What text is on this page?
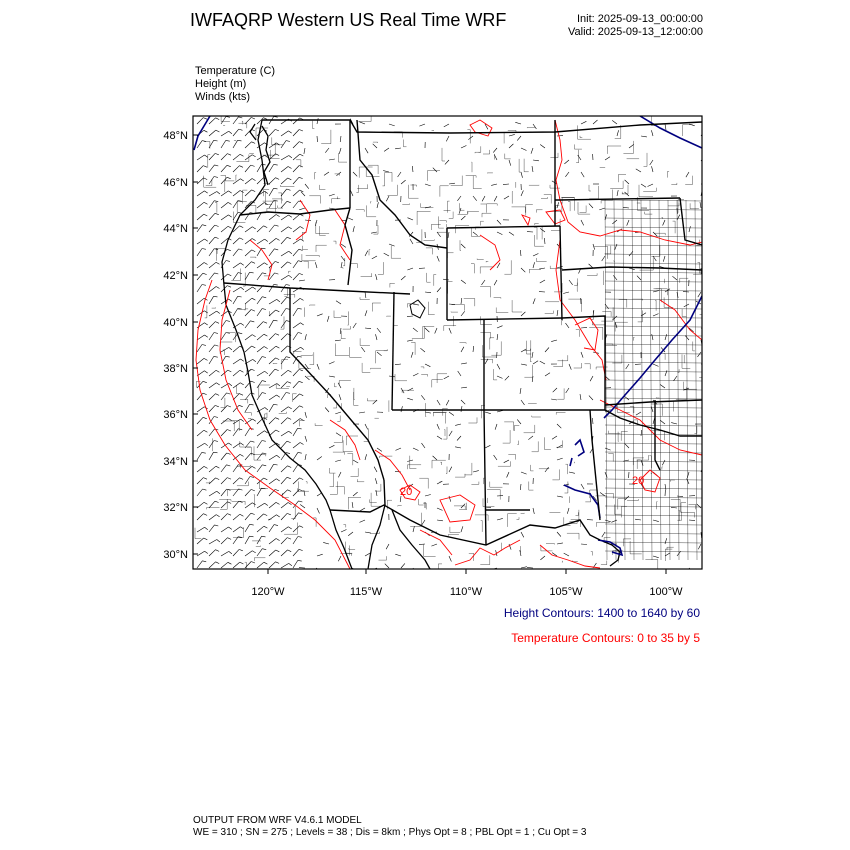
IWFAQRP Western US Real Time WRF	Init: 2025-09-13_00:00:00
Valid: 2025-09-13_12:00:00
Temperature (C)
Height (m)
Winds (kts)
20
20
48°N
46°N
44°N
42°N
40°N
38°N
36°N
34°N
32°N
30°N
120°W	115°W	110°W	105°W	100°W
Height Contours: 1400 to 1640 by 60
Temperature Contours: 0 to 35 by 5
OUTPUT FROM WRF V4.6.1 MODEL
WE = 310 ; SN = 275 ; Levels = 38 ; Dis = 8km ; Phys Opt = 8 ; PBL Opt = 1 ; Cu Opt = 3
